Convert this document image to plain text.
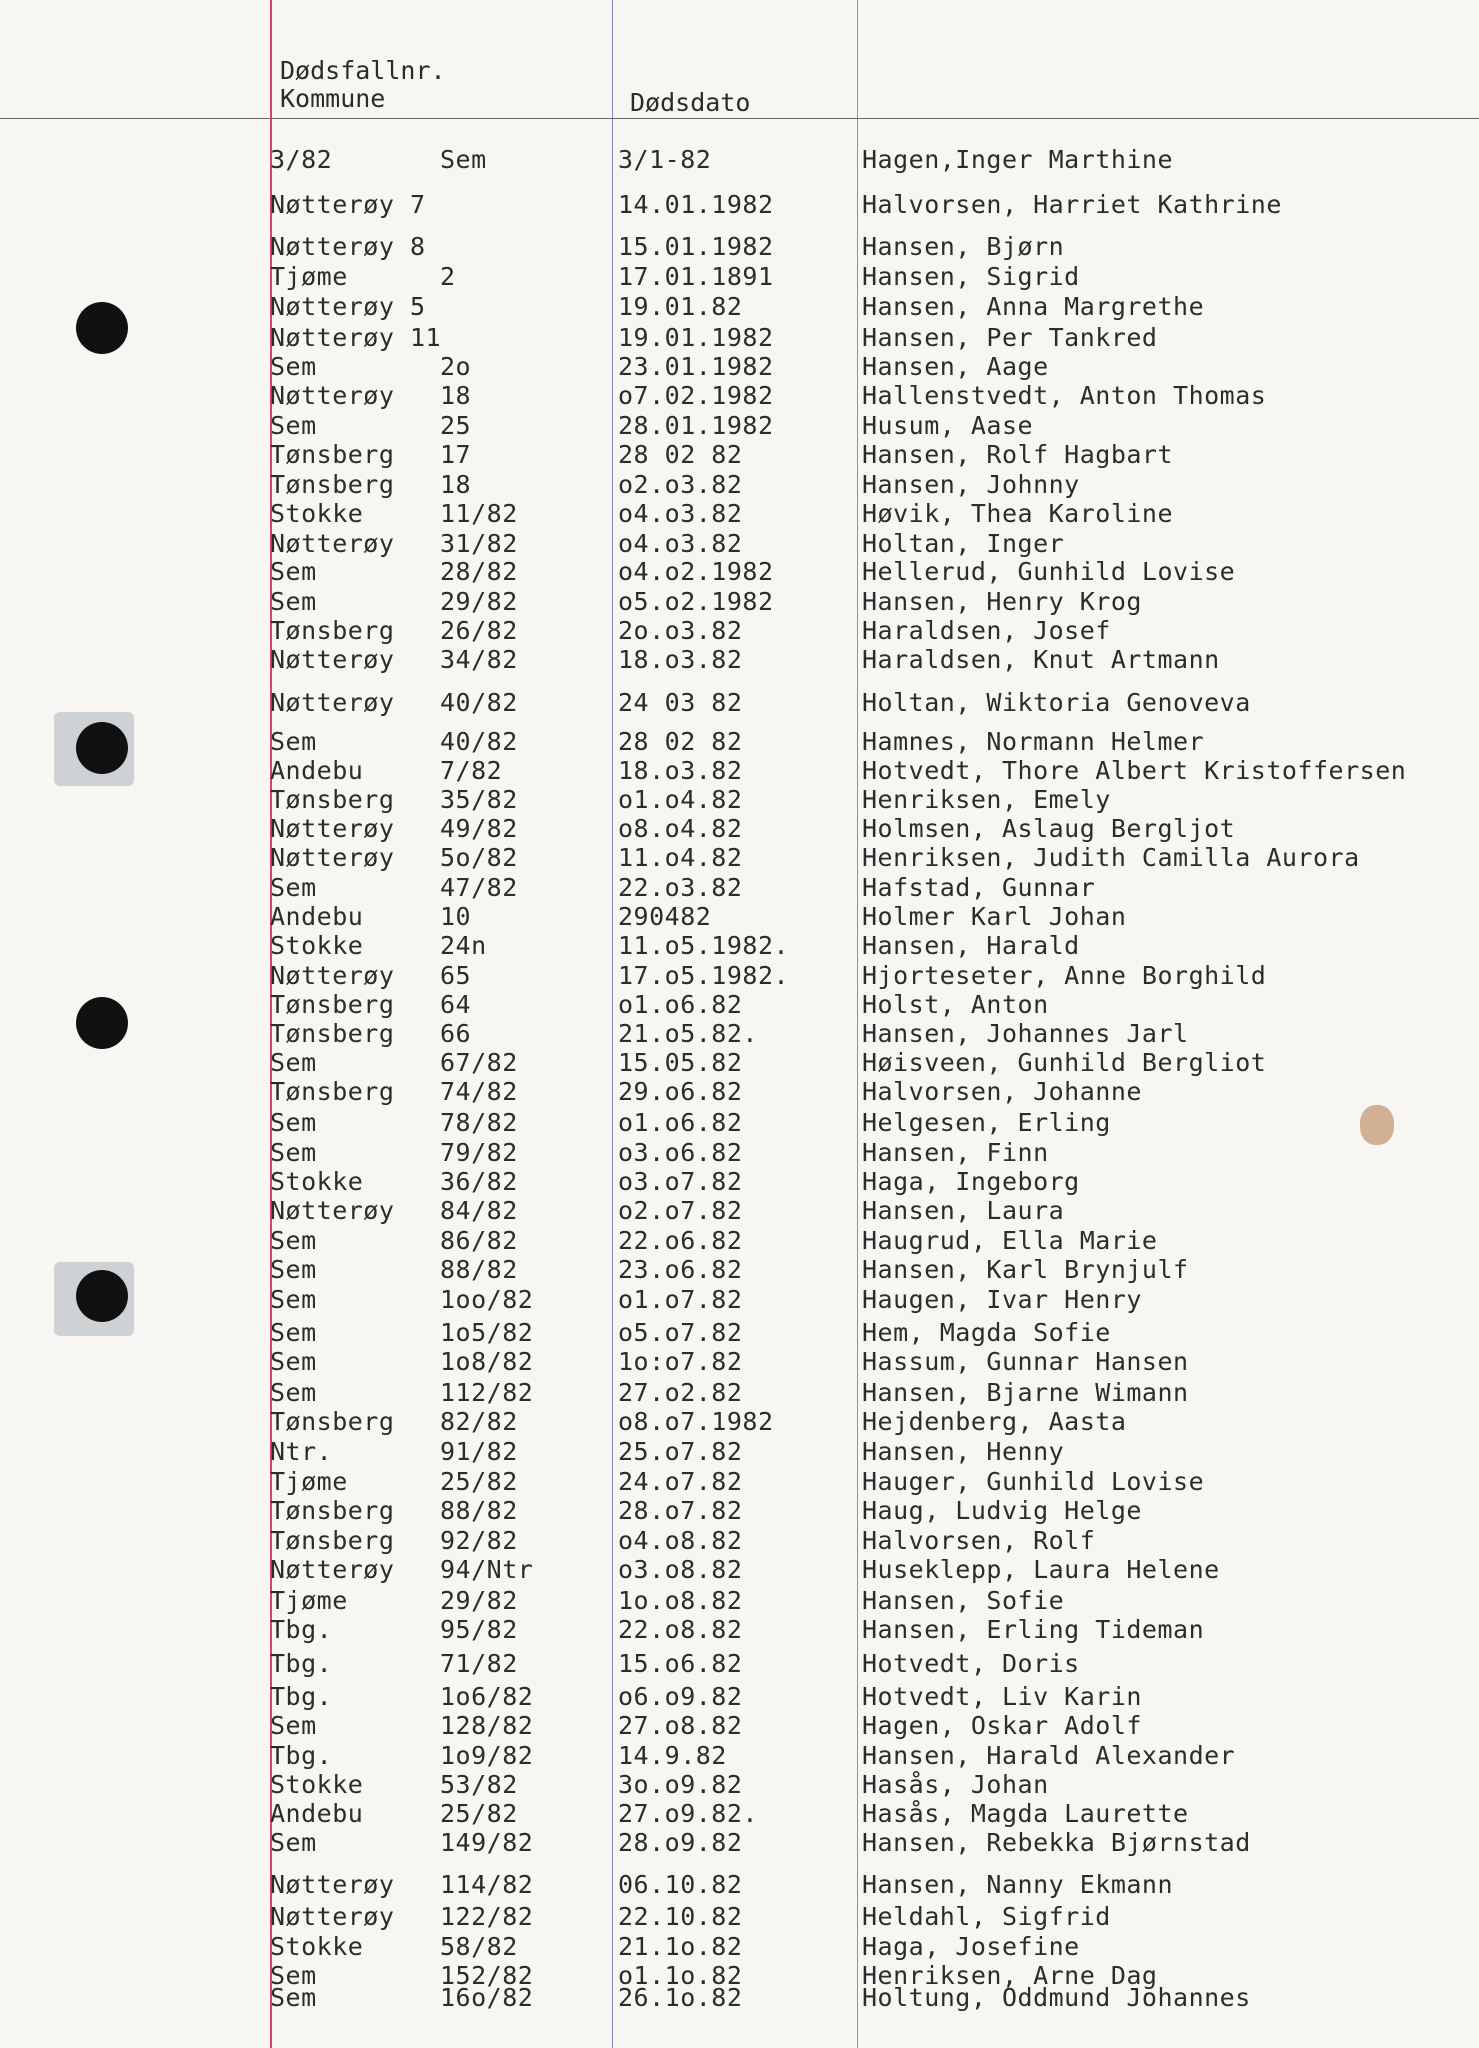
Dødsfallnr.
Kommune	Dødsdato
3/82	Sem	3/1-82	Hagen,Inger Marthine
Nøtterøy 7	14.01.1982	Halvorsen, Harriet Kathrine
Nøtterøy 8	15.01.1982	Hansen, Bjørn
Tjøme	2	17.01.1891	Hansen, Sigrid
Nøtterøy 5	19.01.82	Hansen, Anna Margrethe
Nøtterøy 11	19.01.1982	Hansen, Per Tankred
Sem	2o	23.01.1982	Hansen, Aage
Nøtterøy 18	o7.02.1982	Hallenstvedt, Anton Thomas
Sem	25	28.01.1982	Husum, Aase
Tønsberg 17	28 02 82	Hansen, Rolf Hagbart
Tønsberg 18	o2.o3.82	Hansen, Johnny
Stokke	11/82	o4.o3.82	Høvik, Thea Karoline
Nøtterøy 31/82	o4.o3.82	Holtan, Inger
Sem	28/82	o4.o2.1982	Hellerud, Gunhild Lovise
Sem	29/82	o5.o2.1982	Hansen, Henry Krog
Tønsberg 26/82	2o.o3.82	Haraldsen, Josef
Nøtterøy 34/82	18.o3.82	Haraldsen, Knut Artmann
Nøtterøy 40/82	24 03 82	Holtan, Wiktoria Genoveva
Sem	40/82	28 02 82	Hamnes, Normann Helmer
Andebu	7/82	18.o3.82	Hotvedt, Thore Albert Kristoffersen
Tønsberg 35/82	o1.o4.82	Henriksen, Emely
Nøtterøy 49/82	o8.o4.82	Holmsen, Aslaug Bergljot
Nøtterøy 5o/82	11.o4.82	Henriksen, Judith Camilla Aurora
Sem	47/82	22.o3.82	Hafstad, Gunnar
Andebu	10	290482	Holmer Karl Johan
Stokke	24n	11.o5.1982.	Hansen, Harald
Nøtterøy 65	17.o5.1982.	Hjorteseter, Anne Borghild
Tønsberg 64	o1.o6.82	Holst, Anton
Tønsberg 66	21.o5.82.	Hansen, Johannes Jarl
Sem	67/82	15.05.82	Høisveen, Gunhild Bergliot
Tønsberg 74/82	29.o6.82	Halvorsen, Johanne
Sem	78/82	o1.o6.82	Helgesen, Erling
Sem	79/82	o3.o6.82	Hansen, Finn
Stokke	36/82	o3.o7.82	Haga, Ingeborg
Nøtterøy 84/82	o2.o7.82	Hansen, Laura
Sem	86/82	22.o6.82	Haugrud, Ella Marie
Sem	88/82	23.o6.82	Hansen, Karl Brynjulf
Sem	1oo/82	o1.o7.82	Haugen, Ivar Henry
Sem	1o5/82	o5.o7.82	Hem, Magda Sofie
Sem	1o8/82	1o:o7.82	Hassum, Gunnar Hansen
Sem	112/82	27.o2.82	Hansen, Bjarne Wimann
Tønsberg 82/82	o8.o7.1982	Hejdenberg, Aasta
Ntr.	91/82	25.o7.82	Hansen, Henny
Tjøme	25/82	24.o7.82	Hauger, Gunhild Lovise
Tønsberg 88/82	28.o7.82	Haug, Ludvig Helge
Tønsberg 92/82	o4.o8.82	Halvorsen, Rolf
Nøtterøy 94/Ntr	o3.o8.82	Huseklepp, Laura Helene
Tjøme	29/82	1o.o8.82	Hansen, Sofie
Tbg.	95/82	22.o8.82	Hansen, Erling Tideman
Tbg.	71/82	15.o6.82	Hotvedt, Doris
Tbg.	1o6/82	o6.o9.82	Hotvedt, Liv Karin
Sem	128/82	27.o8.82	Hagen, Oskar Adolf
Tbg.	1o9/82	14.9.82	Hansen, Harald Alexander
Stokke	53/82	3o.o9.82	Hasås, Johan
Andebu	25/82	27.o9.82.	Hasås, Magda Laurette
Sem	149/82	28.o9.82	Hansen, Rebekka Bjørnstad
Nøtterøy 114/82	06.10.82	Hansen, Nanny Ekmann
Nøtterøy 122/82	22.10.82	Heldahl, Sigfrid
Stokke	58/82	21.1o.82	Haga, Josefine
Sem	152/82	o1.1o.82	Henriksen, Arne Dag
Sem	16o/82	26.1o.82	Holtung, Oddmund Johannes
